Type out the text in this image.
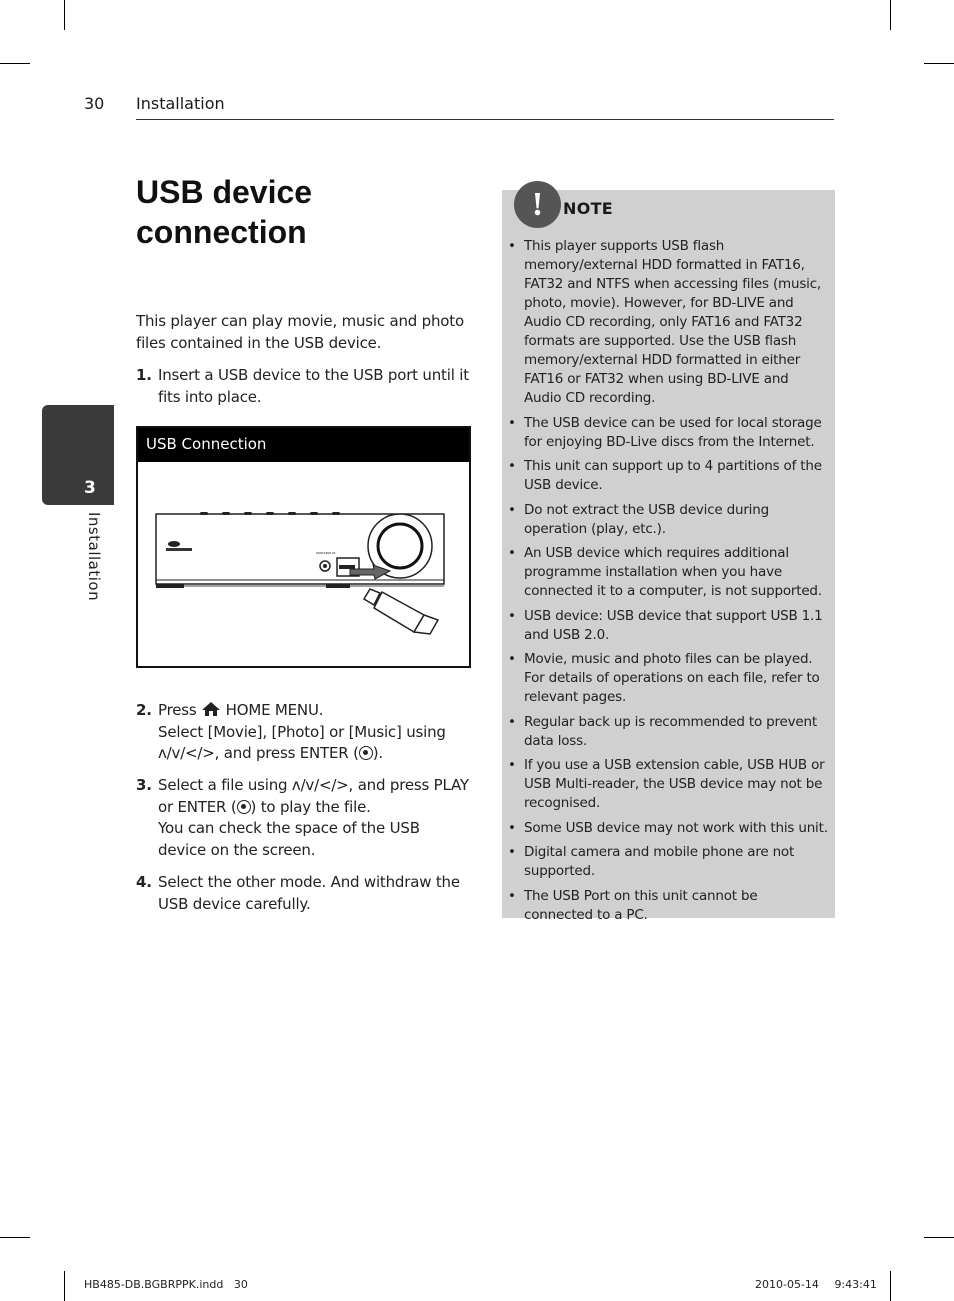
30 Installation
3
Installation
USB device connection

This player can play movie, music and photo files contained in the USB device.

1. Insert a USB device to the USB port until it fits into place.

USB Connection
PORTABLE IN
2. Press HOME MENU.

Select [Movie], [Photo] or [Music] using

ʌ/v/</>, and press ENTER ( ).

3. Select a file using ʌ/v/</>, and press PLAY or ENTER ( ) to play the file.

You can check the space of the USB device on the screen.

4. Select the other mode. And withdraw the USB device carefully.

!	NOTE
• This player supports USB flash memory/external HDD formatted in FAT16, FAT32 and NTFS when accessing files (music, photo, movie). However, for BD-LIVE and Audio CD recording, only FAT16 and FAT32 formats are supported. Use the USB flash memory/external HDD formatted in either FAT16 or FAT32 when using BD-LIVE and Audio CD recording.
• The USB device can be used for local storage for enjoying BD-Live discs from the Internet.
• This unit can support up to 4 partitions of the USB device.
• Do not extract the USB device during operation (play, etc.).
• An USB device which requires additional programme installation when you have connected it to a computer, is not supported.
• USB device: USB device that support USB 1.1 and USB 2.0.
• Movie, music and photo files can be played. For details of operations on each file, refer to relevant pages.
• Regular back up is recommended to prevent data loss.
• If you use a USB extension cable, USB HUB or USB Multi-reader, the USB device may not be recognised.
• Some USB device may not work with this unit.
• Digital camera and mobile phone are not supported.
• The USB Port on this unit cannot be connected to a PC.
HB485-DB.BGBRPPK.indd   30	2010-05-14 9:43:41
